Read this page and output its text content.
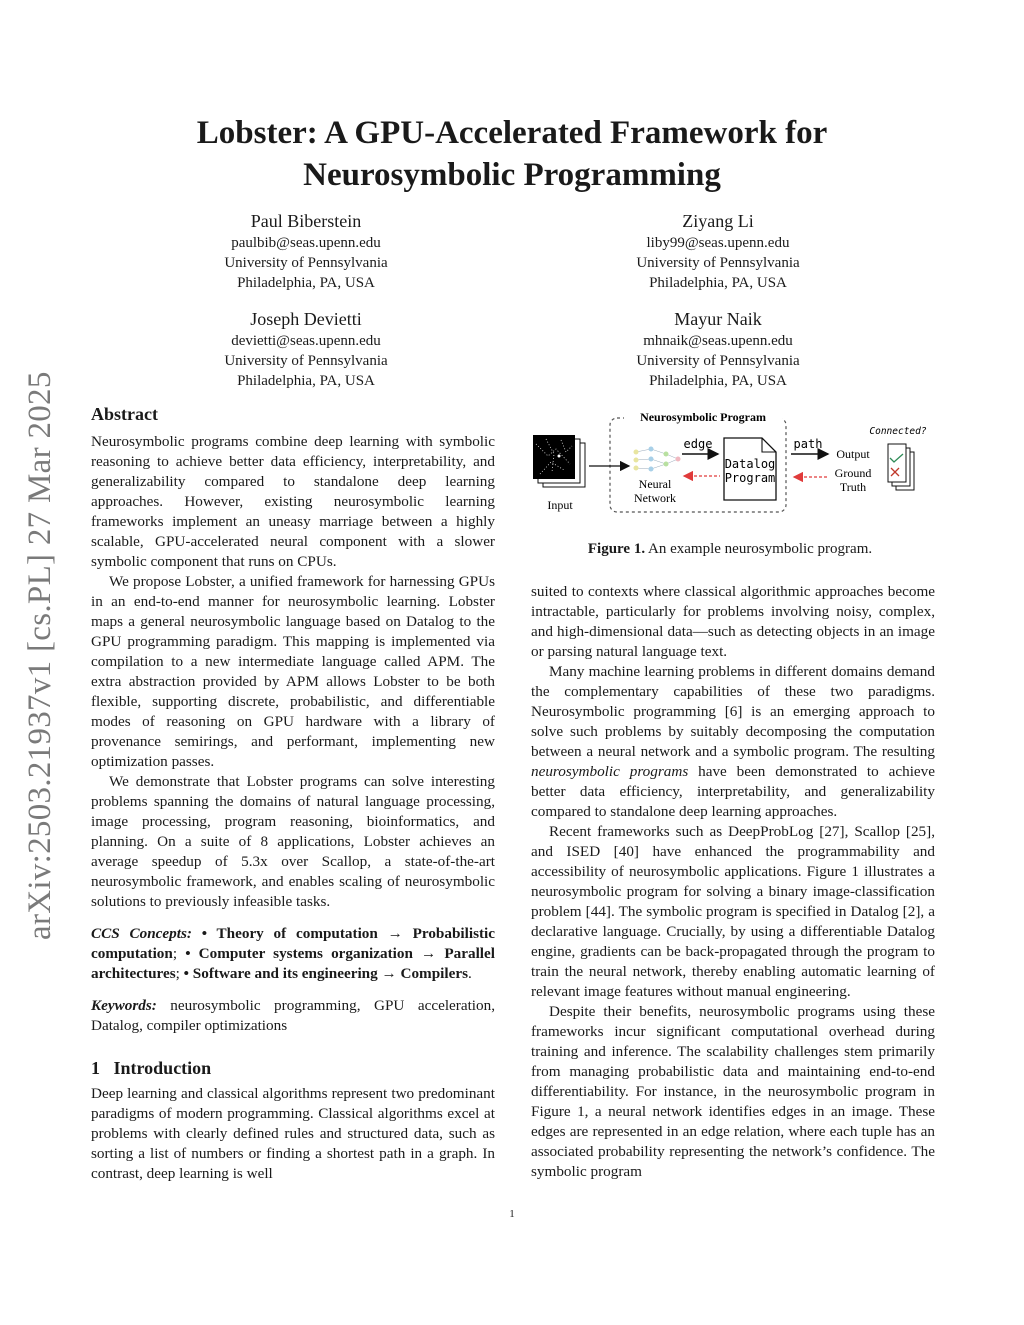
arXiv:2503.21937v1 [cs.PL] 27 Mar 2025
Lobster: A GPU-Accelerated Framework for
Neurosymbolic Programming
Paul Biberstein
paulbib@seas.upenn.edu
University of Pennsylvania
Philadelphia, PA, USA
Ziyang Li
liby99@seas.upenn.edu
University of Pennsylvania
Philadelphia, PA, USA
Joseph Devietti
devietti@seas.upenn.edu
University of Pennsylvania
Philadelphia, PA, USA
Mayur Naik
mhnaik@seas.upenn.edu
University of Pennsylvania
Philadelphia, PA, USA
Abstract

Neurosymbolic programs combine deep learning with symbolic reasoning to achieve better data efficiency, interpretability, and generalizability compared to standalone deep learning approaches. However, existing neurosymbolic learning frameworks implement an uneasy marriage between a highly scalable, GPU-accelerated neural component with a slower symbolic component that runs on CPUs.

We propose Lobster, a unified framework for harnessing GPUs in an end-to-end manner for neurosymbolic learning. Lobster maps a general neurosymbolic language based on Datalog to the GPU programming paradigm. This mapping is implemented via compilation to a new intermediate language called APM. The extra abstraction provided by APM allows Lobster to be both flexible, supporting discrete, probabilistic, and differentiable modes of reasoning on GPU hardware with a library of provenance semirings, and performant, implementing new optimization passes.

We demonstrate that Lobster programs can solve interesting problems spanning the domains of natural language processing, image processing, program reasoning, bioinformatics, and planning. On a suite of 8 applications, Lobster achieves an average speedup of 5.3x over Scallop, a state-of-the-art neurosymbolic framework, and enables scaling of neurosymbolic solutions to previously infeasible tasks.

CCS Concepts: • Theory of computation → Probabilistic computation; • Computer systems organization → Parallel architectures; • Software and its engineering → Compilers.

Keywords: neurosymbolic programming, GPU acceleration, Datalog, compiler optimizations

1 Introduction

Deep learning and classical algorithms represent two predominant paradigms of modern programming. Classical algorithms excel at problems with clearly defined rules and structured data, such as sorting a list of numbers or finding a shortest path in a graph. In contrast, deep learning is well

Neurosymbolic Program
Input
Neural
Network
edge
Datalog
Program
path
Output
Ground
Truth
Connected?
Figure 1. An example neurosymbolic program.

suited to contexts where classical algorithmic approaches become intractable, particularly for problems involving noisy, complex, and high-dimensional data—such as detecting objects in an image or parsing natural language text.

Many machine learning problems in different domains demand the complementary capabilities of these two paradigms. Neurosymbolic programming [6] is an emerging approach to solve such problems by suitably decomposing the computation between a neural network and a symbolic program. The resulting neurosymbolic programs have been demonstrated to achieve better data efficiency, interpretability, and generalizability compared to standalone deep learning approaches.

Recent frameworks such as DeepProbLog [27], Scallop [25], and ISED [40] have enhanced the programmability and accessibility of neurosymbolic applications. Figure 1 illustrates a neurosymbolic program for solving a binary image-classification problem [44]. The symbolic program is specified in Datalog [2], a declarative language. Crucially, by using a differentiable Datalog engine, gradients can be back-propagated through the program to train the neural network, thereby enabling automatic learning of relevant image features without manual engineering.

Despite their benefits, neurosymbolic programs using these frameworks incur significant computational overhead during training and inference. The scalability challenges stem primarily from managing probabilistic data and maintaining end-to-end differentiability. For instance, in the neurosymbolic program in Figure 1, a neural network identifies edges in an image. These edges are represented in an edge relation, where each tuple has an associated probability representing the network’s confidence. The symbolic program

1
